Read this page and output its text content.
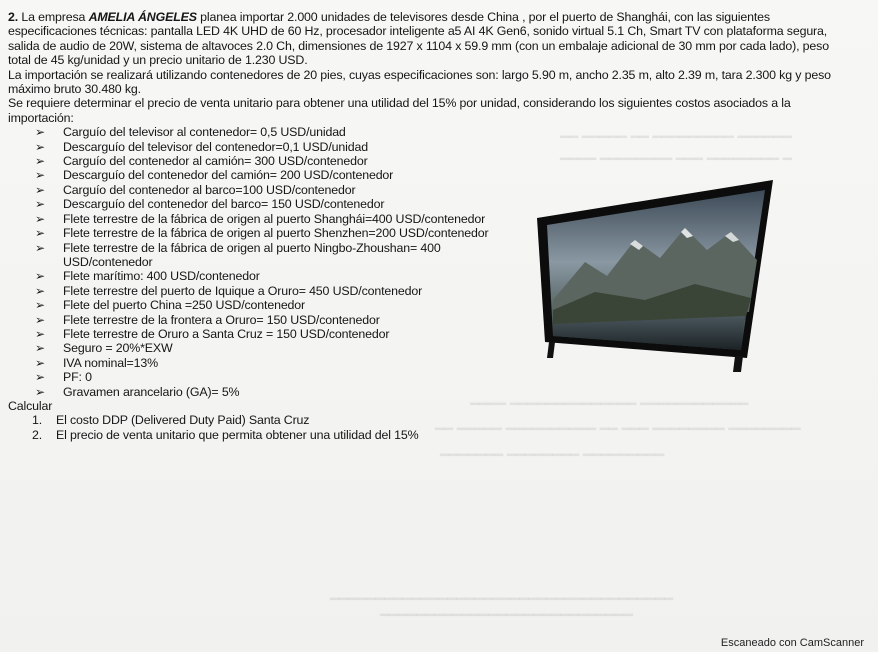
━━ ━━━━━ ━━ ━━━━━━━━━ ━━━━━━
━━━━ ━━━━━━━━ ━━━ ━━━━━━━━ ━
━━━━ ━━━━━━━━━━━━━━ ━━━━━━━━━━━━
━━ ━━━━━ ━━━━━━━━━━ ━━ ━━━ ━━━━━━━━ ━━━━━━━━
━━━━━━━ ━━━━━━━━ ━━━━━━━━━
━━━━━━━━━━━━━━━━━━━━━━━━━━━━━━━━━━━━━━
━━━━━━━━━━━━━━━━━━━━━━━━━━━━

2. La empresa AMELIA ÁNGELES planea importar 2.000 unidades de televisores desde China , por el puerto de Shanghái, con las siguientes especificaciones técnicas: pantalla LED 4K UHD de 60 Hz, procesador inteligente a5 AI 4K Gen6, sonido virtual 5.1 Ch, Smart TV con plataforma segura, salida de audio de 20W, sistema de altavoces 2.0 Ch, dimensiones de 1927 x 1104 x 59.9 mm (con un embalaje adicional de 30 mm por cada lado), peso total de 45 kg/unidad y un precio unitario de 1.230 USD.

La importación se realizará utilizando contenedores de 20 pies, cuyas especificaciones son: largo 5.90 m, ancho 2.35 m, alto 2.39 m, tara 2.300 kg y peso máximo bruto 30.480 kg.

Se requiere determinar el precio de venta unitario para obtener una utilidad del 15% por unidad, considerando los siguientes costos asociados a la importación:

➢ Carguío del televisor al contenedor= 0,5 USD/unidad
➢ Descarguío del televisor del contenedor=0,1 USD/unidad
➢ Carguío del contenedor al camión= 300 USD/contenedor
➢ Descarguío del contenedor del camión= 200 USD/contenedor
➢ Carguío del contenedor al barco=100 USD/contenedor
➢ Descarguío del contenedor del barco= 150 USD/contenedor
➢ Flete terrestre de la fábrica de origen al puerto Shanghái=400 USD/contenedor
➢ Flete terrestre de la fábrica de origen al puerto Shenzhen=200 USD/contenedor
➢ Flete terrestre de la fábrica de origen al puerto Ningbo-Zhoushan= 400 USD/contenedor
➢ Flete marítimo: 400 USD/contenedor
➢ Flete terrestre del puerto de Iquique a Oruro= 450 USD/contenedor
➢ Flete del puerto China =250 USD/contenedor
➢ Flete terrestre de la frontera a Oruro= 150 USD/contenedor
➢ Flete terrestre de Oruro a Santa Cruz = 150 USD/contenedor
➢ Seguro = 20%*EXW
➢ IVA nominal=13%
➢ PF: 0
➢ Gravamen arancelario (GA)= 5%

Calcular

1. El costo DDP (Delivered Duty Paid) Santa Cruz
2. El precio de venta unitario que permita obtener una utilidad del 15%
Escaneado con CamScanner
